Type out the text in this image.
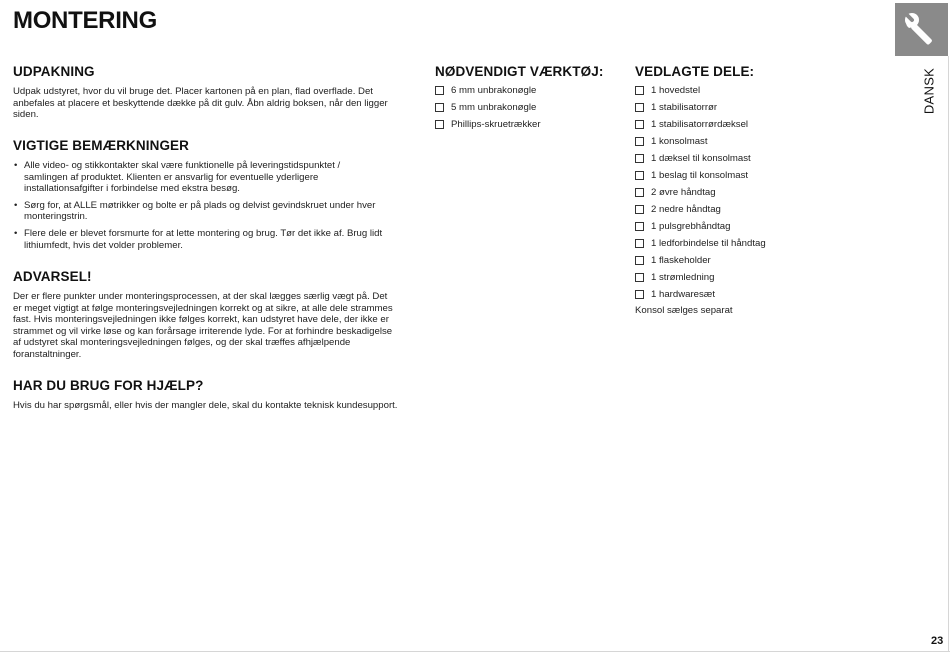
MONTERING
DANSK
23
UDPAKNING

Udpak udstyret, hvor du vil bruge det. Placer kartonen på en plan, flad overflade. Det anbefales at placere et beskyttende dække på dit gulv. Åbn aldrig boksen, når den ligger siden.

VIGTIGE BEMÆRKNINGER
• Alle video- og stikkontakter skal være funktionelle på leveringstidspunktet / samlingen af produktet. Klienten er ansvarlig for eventuelle yderligere installationsafgifter i forbindelse med ekstra besøg.
• Sørg for, at ALLE møtrikker og bolte er på plads og delvist gevindskruet under hver monteringstrin.
• Flere dele er blevet forsmurte for at lette montering og brug. Tør det ikke af. Brug lidt lithiumfedt, hvis det volder problemer.
ADVARSEL!

Der er flere punkter under monteringsprocessen, at der skal lægges særlig vægt på. Det er meget vigtigt at følge monteringsvejledningen korrekt og at sikre, at alle dele strammes fast. Hvis monteringsvejledningen ikke følges korrekt, kan udstyret have dele, der ikke er strammet og vil virke løse og kan forårsage irriterende lyde. For at forhindre beskadigelse af udstyret skal monteringsvejledningen følges, og der skal træffes afhjælpende foranstaltninger.

HAR DU BRUG FOR HJÆLP?

Hvis du har spørgsmål, eller hvis der mangler dele, skal du kontakte teknisk kundesupport.

NØDVENDIGT VÆRKTØJ:
6 mm unbrakonøgle
5 mm unbrakonøgle
Phillips-skruetrækker
VEDLAGTE DELE:
1 hovedstel
1 stabilisatorrør
1 stabilisatorrørdæksel
1 konsolmast
1 dæksel til konsolmast
1 beslag til konsolmast
2 øvre håndtag
2 nedre håndtag
1 pulsgrebhåndtag
1 ledforbindelse til håndtag
1 flaskeholder
1 strømledning
1 hardwaresæt
Konsol sælges separat
